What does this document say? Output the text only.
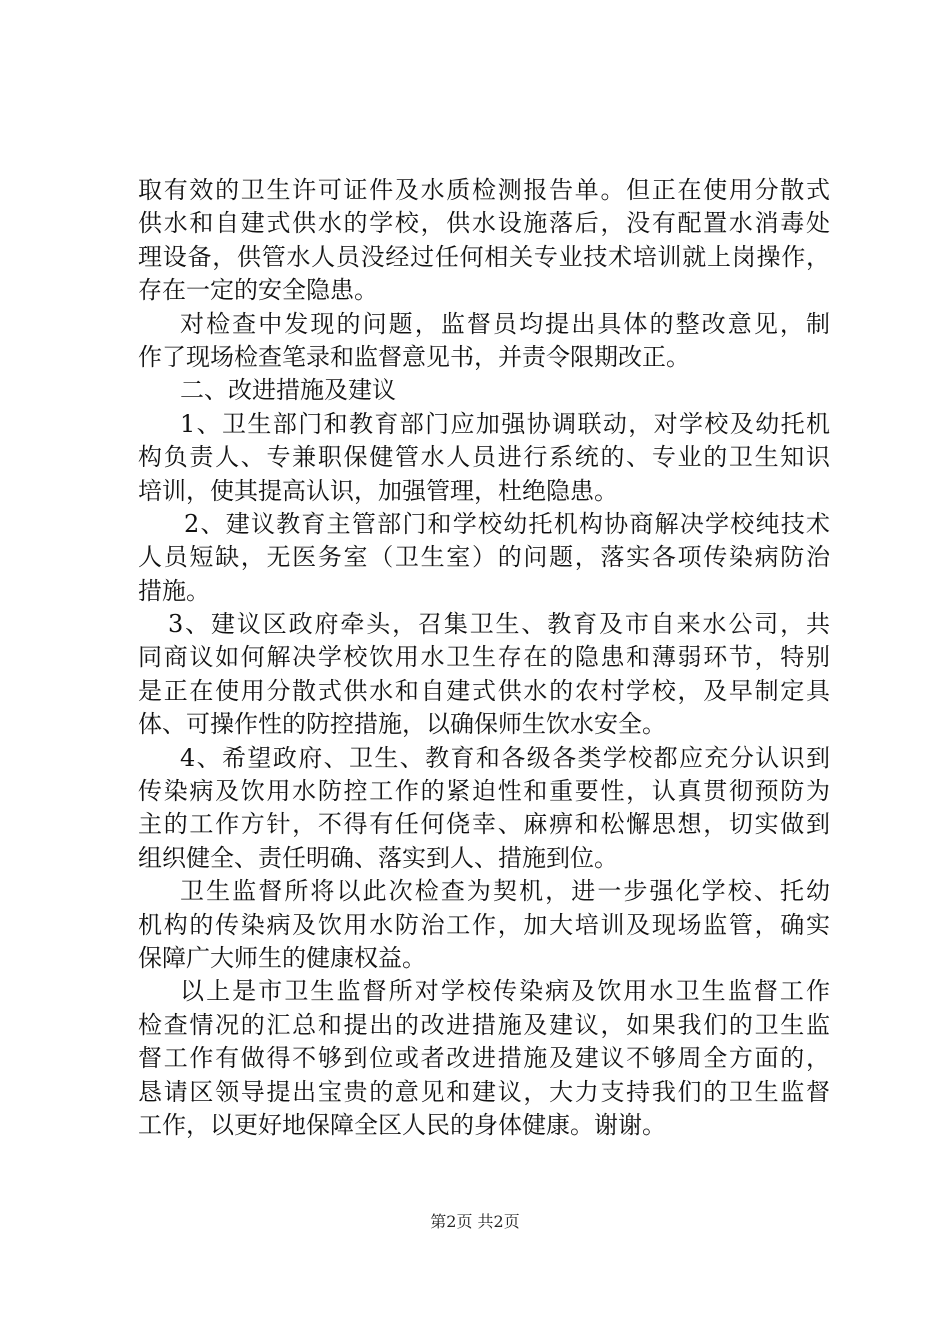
取有效的卫生许可证件及水质检测报告单。但正在使用分散式
供水和自建式供水的学校，供水设施落后，没有配置水消毒处
理设备，供管水人员没经过任何相关专业技术培训就上岗操作，
存在一定的安全隐患。
对检查中发现的问题，监督员均提出具体的整改意见，制
作了现场检查笔录和监督意见书，并责令限期改正。
二、改进措施及建议
1、卫生部门和教育部门应加强协调联动，对学校及幼托机
构负责人、专兼职保健管水人员进行系统的、专业的卫生知识
培训，使其提高认识，加强管理，杜绝隐患。
2、建议教育主管部门和学校幼托机构协商解决学校纯技术
人员短缺，无医务室（卫生室）的问题，落实各项传染病防治
措施。
3、建议区政府牵头，召集卫生、教育及市自来水公司，共
同商议如何解决学校饮用水卫生存在的隐患和薄弱环节，特别
是正在使用分散式供水和自建式供水的农村学校，及早制定具
体、可操作性的防控措施，以确保师生饮水安全。
4、希望政府、卫生、教育和各级各类学校都应充分认识到
传染病及饮用水防控工作的紧迫性和重要性，认真贯彻预防为
主的工作方针，不得有任何侥幸、麻痹和松懈思想，切实做到
组织健全、责任明确、落实到人、措施到位。
卫生监督所将以此次检查为契机，进一步强化学校、托幼
机构的传染病及饮用水防治工作，加大培训及现场监管，确实
保障广大师生的健康权益。
以上是市卫生监督所对学校传染病及饮用水卫生监督工作
检查情况的汇总和提出的改进措施及建议，如果我们的卫生监
督工作有做得不够到位或者改进措施及建议不够周全方面的，
恳请区领导提出宝贵的意见和建议，大力支持我们的卫生监督
工作，以更好地保障全区人民的身体健康。谢谢。
第2页 共2页
